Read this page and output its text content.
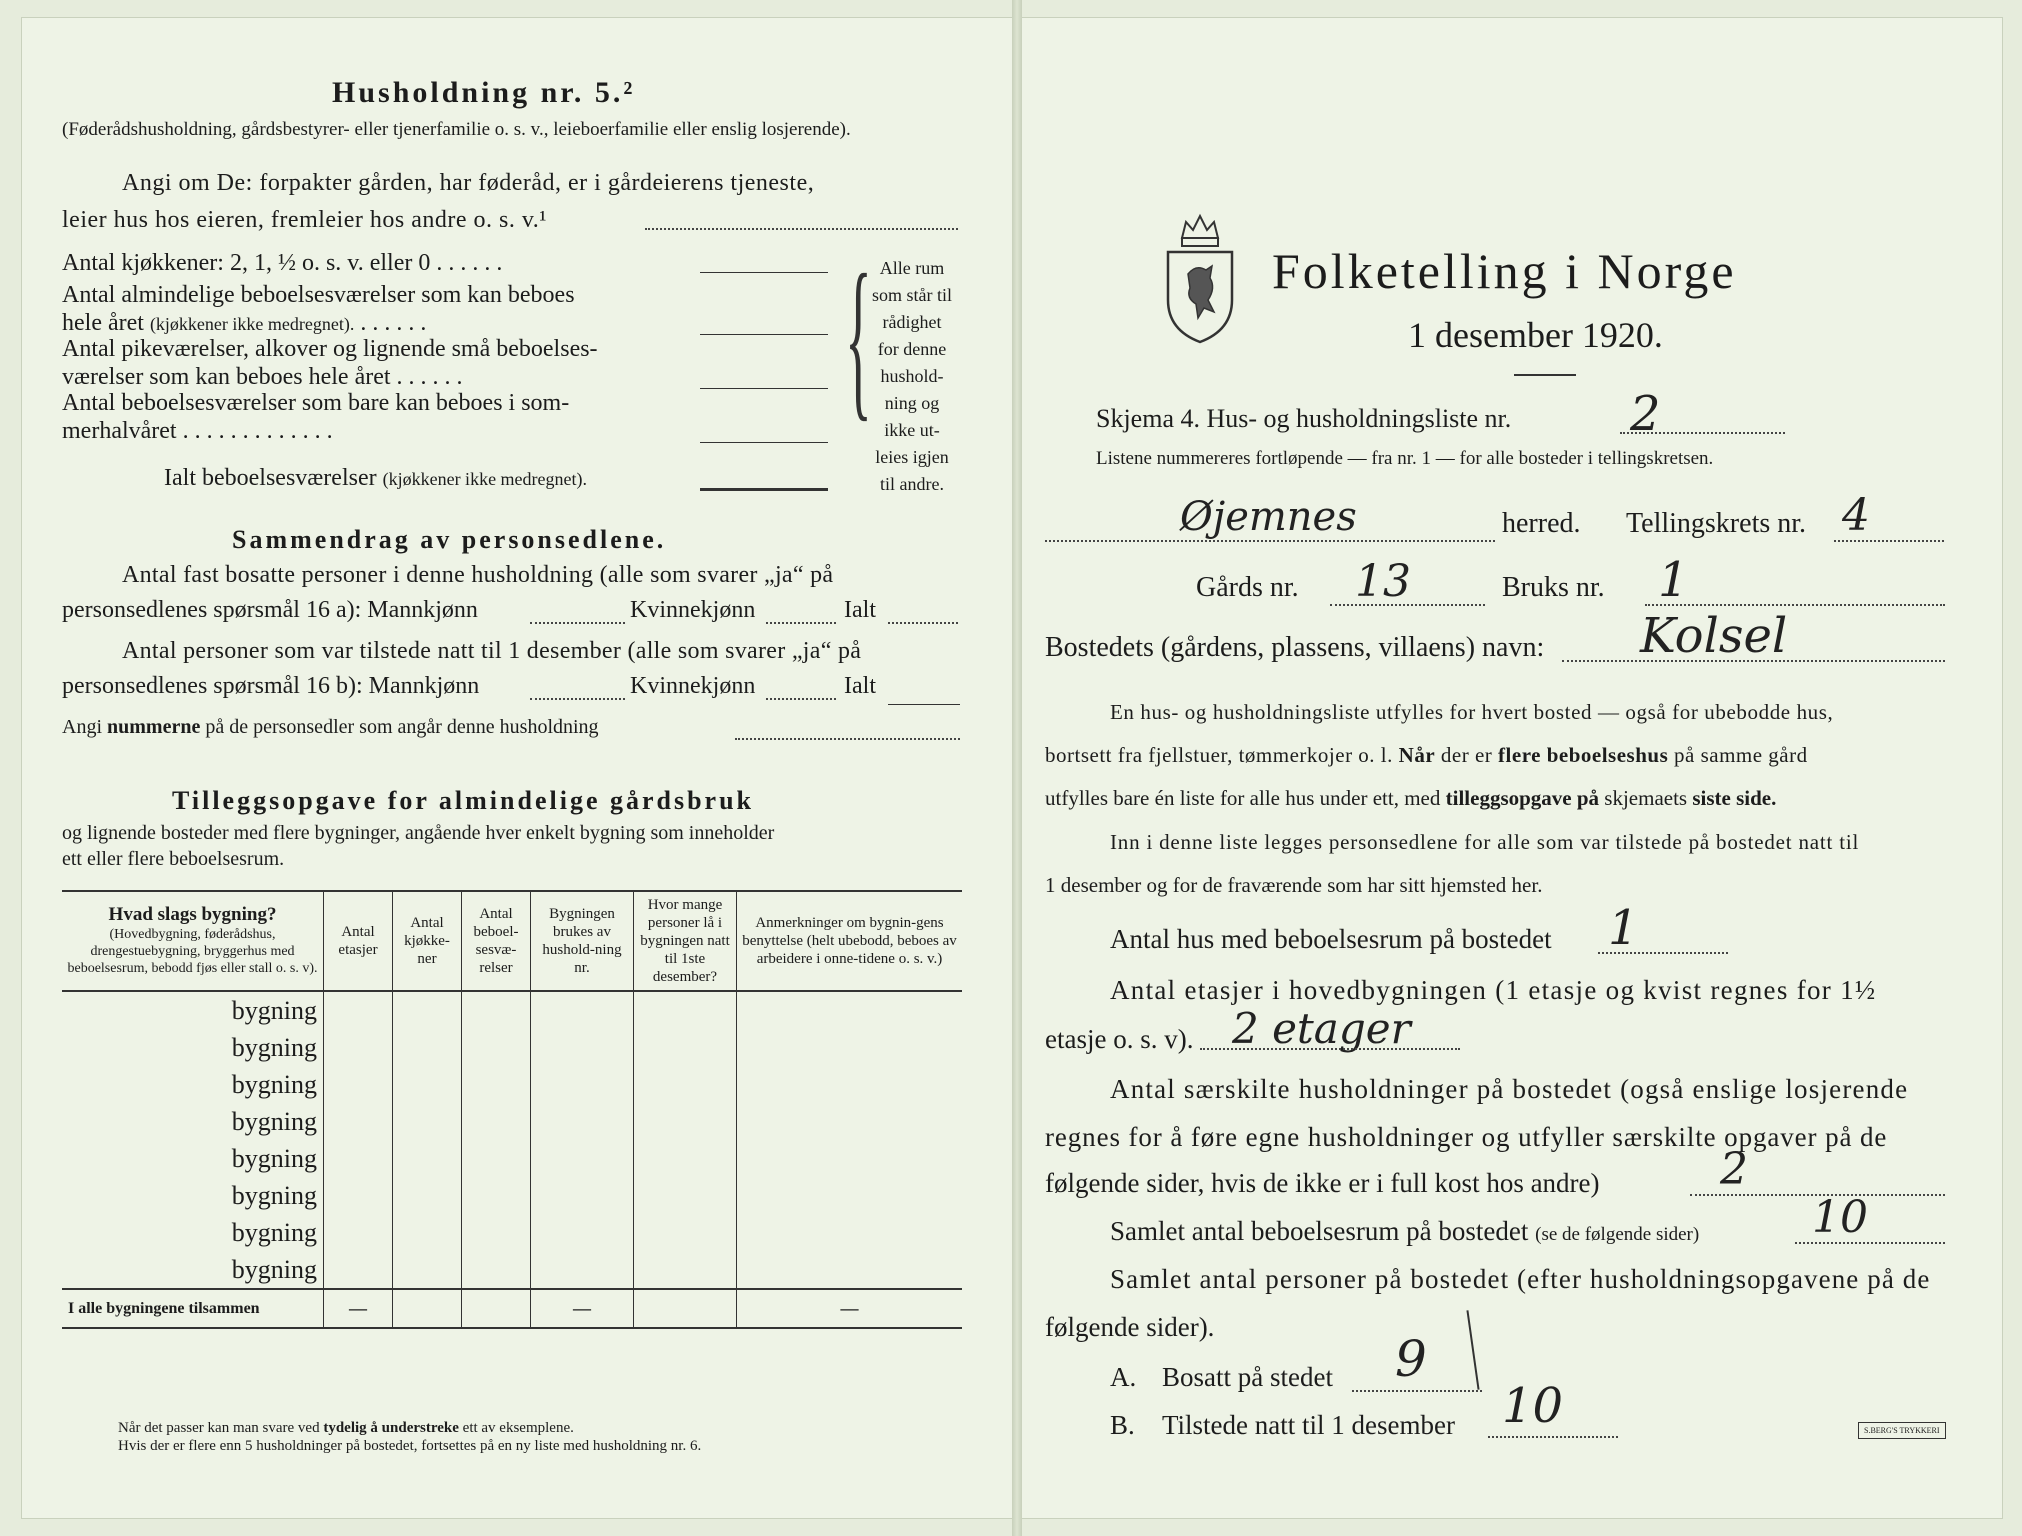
Husholdning nr. 5.²
(Føderådshusholdning, gårdsbestyrer- eller tjenerfamilie o. s. v., leieboerfamilie eller enslig losjerende).
Angi om De: forpakter gården, har føderåd, er i gårdeierens tjeneste,
leier hus hos eieren, fremleier hos andre o. s. v.¹
Antal kjøkkener: 2, 1, ½ o. s. v. eller 0 . . . . . .
Antal almindelige beboelsesværelser som kan beboes
hele året (kjøkkener ikke medregnet). . . . . . .
Antal pikeværelser, alkover og lignende små beboelses-
værelser som kan beboes hele året . . . . . .
Antal beboelsesværelser som bare kan beboes i som-
merhalvåret . . . . . . . . . . . . .
Ialt beboelsesværelser (kjøkkener ikke medregnet).
{ Alle rum
som står til
rådighet
for denne
hushold-
ning og
ikke ut-
leies igjen
til andre.
Sammendrag av personsedlene.
Antal fast bosatte personer i denne husholdning (alle som svarer „ja“ på
personsedlenes spørsmål 16 a): Mannkjønn	Kvinnekjønn	Ialt
Antal personer som var tilstede natt til 1 desember (alle som svarer „ja“ på
personsedlenes spørsmål 16 b): Mannkjønn	Kvinnekjønn	Ialt
Angi nummerne på de personsedler som angår denne husholdning
Tilleggsopgave for almindelige gårdsbruk
og lignende bosteder med flere bygninger, angående hver enkelt bygning som inneholder
ett eller flere beboelsesrum.
Hvad slags bygning?
(Hovedbygning, føderådshus, drengestuebygning, bryggerhus med beboelsesrum, bebodd fjøs eller stall o. s. v).	Antal etasjer	Antal kjøkke-ner	Antal beboel-sesvæ-relser	Bygningen brukes av hushold-ning nr.	Hvor mange personer lå i bygningen natt til 1ste desember?	Anmerkninger om bygnin-gens benyttelse (helt ubebodd, beboes av arbeidere i onne-tidene o. s. v.)
bygning						
bygning						
bygning						
bygning						
bygning						
bygning						
bygning						
bygning						
I alle bygningene tilsammen	—			—		—
Når det passer kan man svare ved tydelig å understreke ett av eksemplene.
Hvis der er flere enn 5 husholdninger på bostedet, fortsettes på en ny liste med husholdning nr. 6.
Folketelling i Norge
1 desember 1920.
Skjema 4. Hus- og husholdningsliste nr. 2
Listene nummereres fortløpende — fra nr. 1 — for alle bosteder i tellingskretsen.
Øjemnes	herred. Tellingskrets nr. 4
Gårds nr. 13	Bruks nr. 1
Bostedets (gårdens, plassens, villaens) navn: Kolsel
En hus- og husholdningsliste utfylles for hvert bosted — også for ubebodde hus,
bortsett fra fjellstuer, tømmerkojer o. l. Når der er flere beboelseshus på samme gård
utfylles bare én liste for alle hus under ett, med tilleggsopgave på skjemaets siste side.
Inn i denne liste legges personsedlene for alle som var tilstede på bostedet natt til
1 desember og for de fraværende som har sitt hjemsted her.
Antal hus med beboelsesrum på bostedet 1
Antal etasjer i hovedbygningen (1 etasje og kvist regnes for 1½
etasje o. s. v). 2 etager
Antal særskilte husholdninger på bostedet (også enslige losjerende
regnes for å føre egne husholdninger og utfyller særskilte opgaver på de
følgende sider, hvis de ikke er i full kost hos andre)	2
Samlet antal beboelsesrum på bostedet (se de følgende sider)	10
Samlet antal personer på bostedet (efter husholdningsopgavene på de
følgende sider).
A. Bosatt på stedet 9
B. Tilstede natt til 1 desember 10	S.BERG'S TRYKKERI
